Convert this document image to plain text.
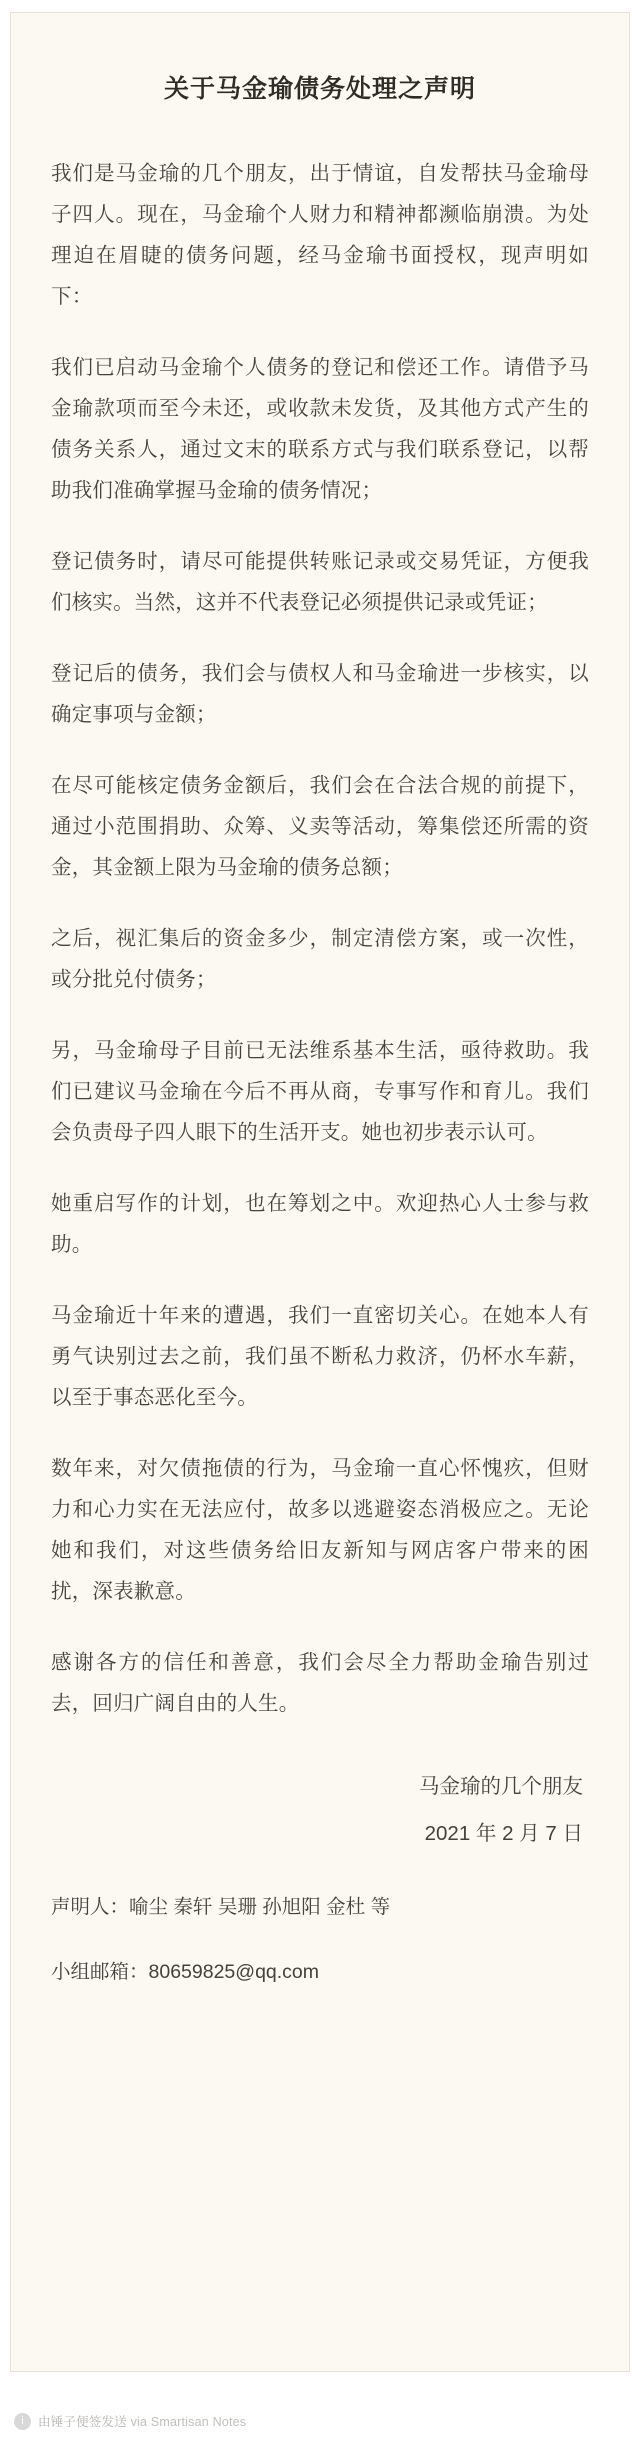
关于马金瑜债务处理之声明

我们是马金瑜的几个朋友，出于情谊，自发帮扶马金瑜母子四人。现在，马金瑜个人财力和精神都濒临崩溃。为处理迫在眉睫的债务问题，经马金瑜书面授权，现声明如下：

我们已启动马金瑜个人债务的登记和偿还工作。请借予马金瑜款项而至今未还，或收款未发货，及其他方式产生的债务关系人，通过文末的联系方式与我们联系登记，以帮助我们准确掌握马金瑜的债务情况；

登记债务时，请尽可能提供转账记录或交易凭证，方便我们核实。当然，这并不代表登记必须提供记录或凭证；

登记后的债务，我们会与债权人和马金瑜进一步核实，以确定事项与金额；

在尽可能核定债务金额后，我们会在合法合规的前提下，通过小范围捐助、众筹、义卖等活动，筹集偿还所需的资金，其金额上限为马金瑜的债务总额；

之后，视汇集后的资金多少，制定清偿方案，或一次性，或分批兑付债务；

另，马金瑜母子目前已无法维系基本生活，亟待救助。我们已建议马金瑜在今后不再从商，专事写作和育儿。我们会负责母子四人眼下的生活开支。她也初步表示认可。

她重启写作的计划，也在筹划之中。欢迎热心人士参与救助。

马金瑜近十年来的遭遇，我们一直密切关心。在她本人有勇气诀别过去之前，我们虽不断私力救济，仍杯水车薪，以至于事态恶化至今。

数年来，对欠债拖债的行为，马金瑜一直心怀愧疚，但财力和心力实在无法应付，故多以逃避姿态消极应之。无论她和我们，对这些债务给旧友新知与网店客户带来的困扰，深表歉意。

感谢各方的信任和善意，我们会尽全力帮助金瑜告别过去，回归广阔自由的人生。

马金瑜的几个朋友
2021 年 2 月 7 日
声明人：喻尘 秦轩 吴珊 孙旭阳 金杜 等
小组邮箱：80659825@qq.com
i	由锤子便签发送 via Smartisan Notes
